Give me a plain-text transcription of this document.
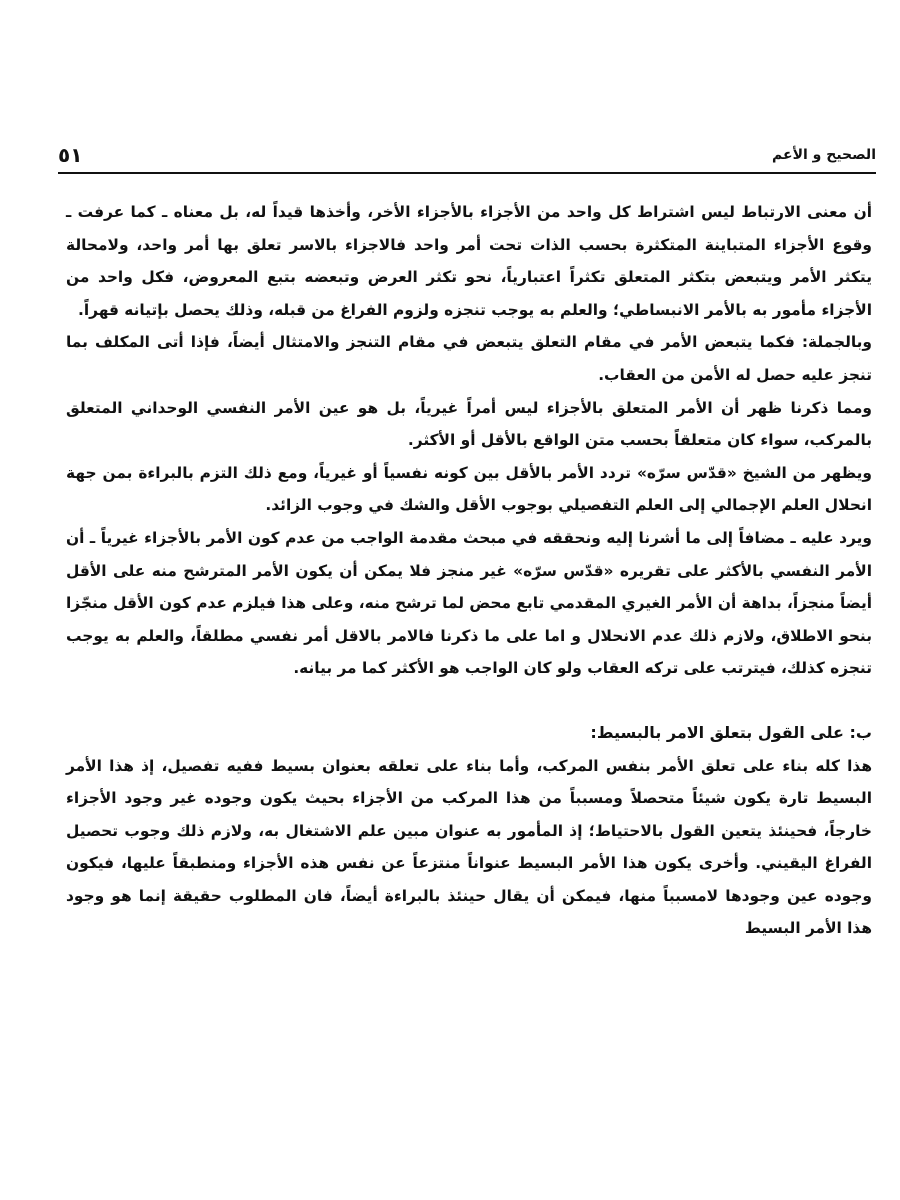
٥١	الصحيح و الأعم

أن معنى الارتباط ليس اشتراط كل واحد من الأجزاء بالأجزاء الأخر، وأخذها قيداً له، بل معناه ـ كما عرفت ـ وقوع الأجزاء المتباينة المتكثرة بحسب الذات تحت أمر واحد فالاجزاء بالاسر تعلق بها أمر واحد، ولامحالة يتكثر الأمر ويتبعض بتكثر المتعلق تكثراً اعتبارياً، نحو تكثر العرض وتبعضه بتبع المعروض، فكل واحد من الأجزاء مأمور به بالأمر الانبساطي؛ والعلم به يوجب تنجزه ولزوم الفراغ من قبله، وذلك يحصل بإتيانه قهراً.

وبالجملة: فكما يتبعض الأمر في مقام التعلق يتبعض في مقام التنجز والامتثال أيضاً، فإذا أتى المكلف بما تنجز عليه حصل له الأمن من العقاب.

ومما ذكرنا ظهر أن الأمر المتعلق بالأجزاء ليس أمراً غيرياً، بل هو عين الأمر النفسي الوحداني المتعلق بالمركب، سواء كان متعلقاً بحسب متن الواقع بالأقل أو الأكثر.

ويظهر من الشيخ «قدّس سرّه» تردد الأمر بالأقل بين كونه نفسياً أو غيرياً، ومع ذلك التزم بالبراءة بمن جهة انحلال العلم الإجمالي إلى العلم التفصيلي بوجوب الأقل والشك في وجوب الزائد.

ويرد عليه ـ مضافاً إلى ما أشرنا إليه ونحققه في مبحث مقدمة الواجب من عدم كون الأمر بالأجزاء غيرياً ـ أن الأمر النفسي بالأكثر على تقريره «قدّس سرّه» غير منجز فلا يمكن أن يكون الأمر المترشح منه على الأقل أيضاً منجزاً، بداهة أن الأمر الغيري المقدمي تابع محض لما ترشح منه، وعلى هذا فيلزم عدم كون الأقل منجّزا بنحو الاطلاق، ولازم ذلك عدم الانحلال و اما على ما ذكرنا فالامر بالاقل أمر نفسي مطلقاً، والعلم به يوجب تنجزه كذلك، فيترتب على تركه العقاب ولو كان الواجب هو الأكثر كما مر بيانه.

ب: على القول بتعلق الامر بالبسيط:

هذا كله بناء على تعلق الأمر بنفس المركب، وأما بناء على تعلقه بعنوان بسيط ففيه تفصيل، إذ هذا الأمر البسيط تارة يكون شيئاً متحصلاً ومسبباً من هذا المركب من الأجزاء بحيث يكون وجوده غير وجود الأجزاء خارجاً، فحينئذ يتعين القول بالاحتياط؛ إذ المأمور به عنوان مبين علم الاشتغال به، ولازم ذلك وجوب تحصيل الفراغ اليقيني. وأخرى يكون هذا الأمر البسيط عنواناً منتزعاً عن نفس هذه الأجزاء ومنطبقاً عليها، فيكون وجوده عين وجودها لامسبباً منها، فيمكن أن يقال حينئذ بالبراءة أيضاً، فان المطلوب حقيقة إنما هو وجود هذا الأمر البسيط
